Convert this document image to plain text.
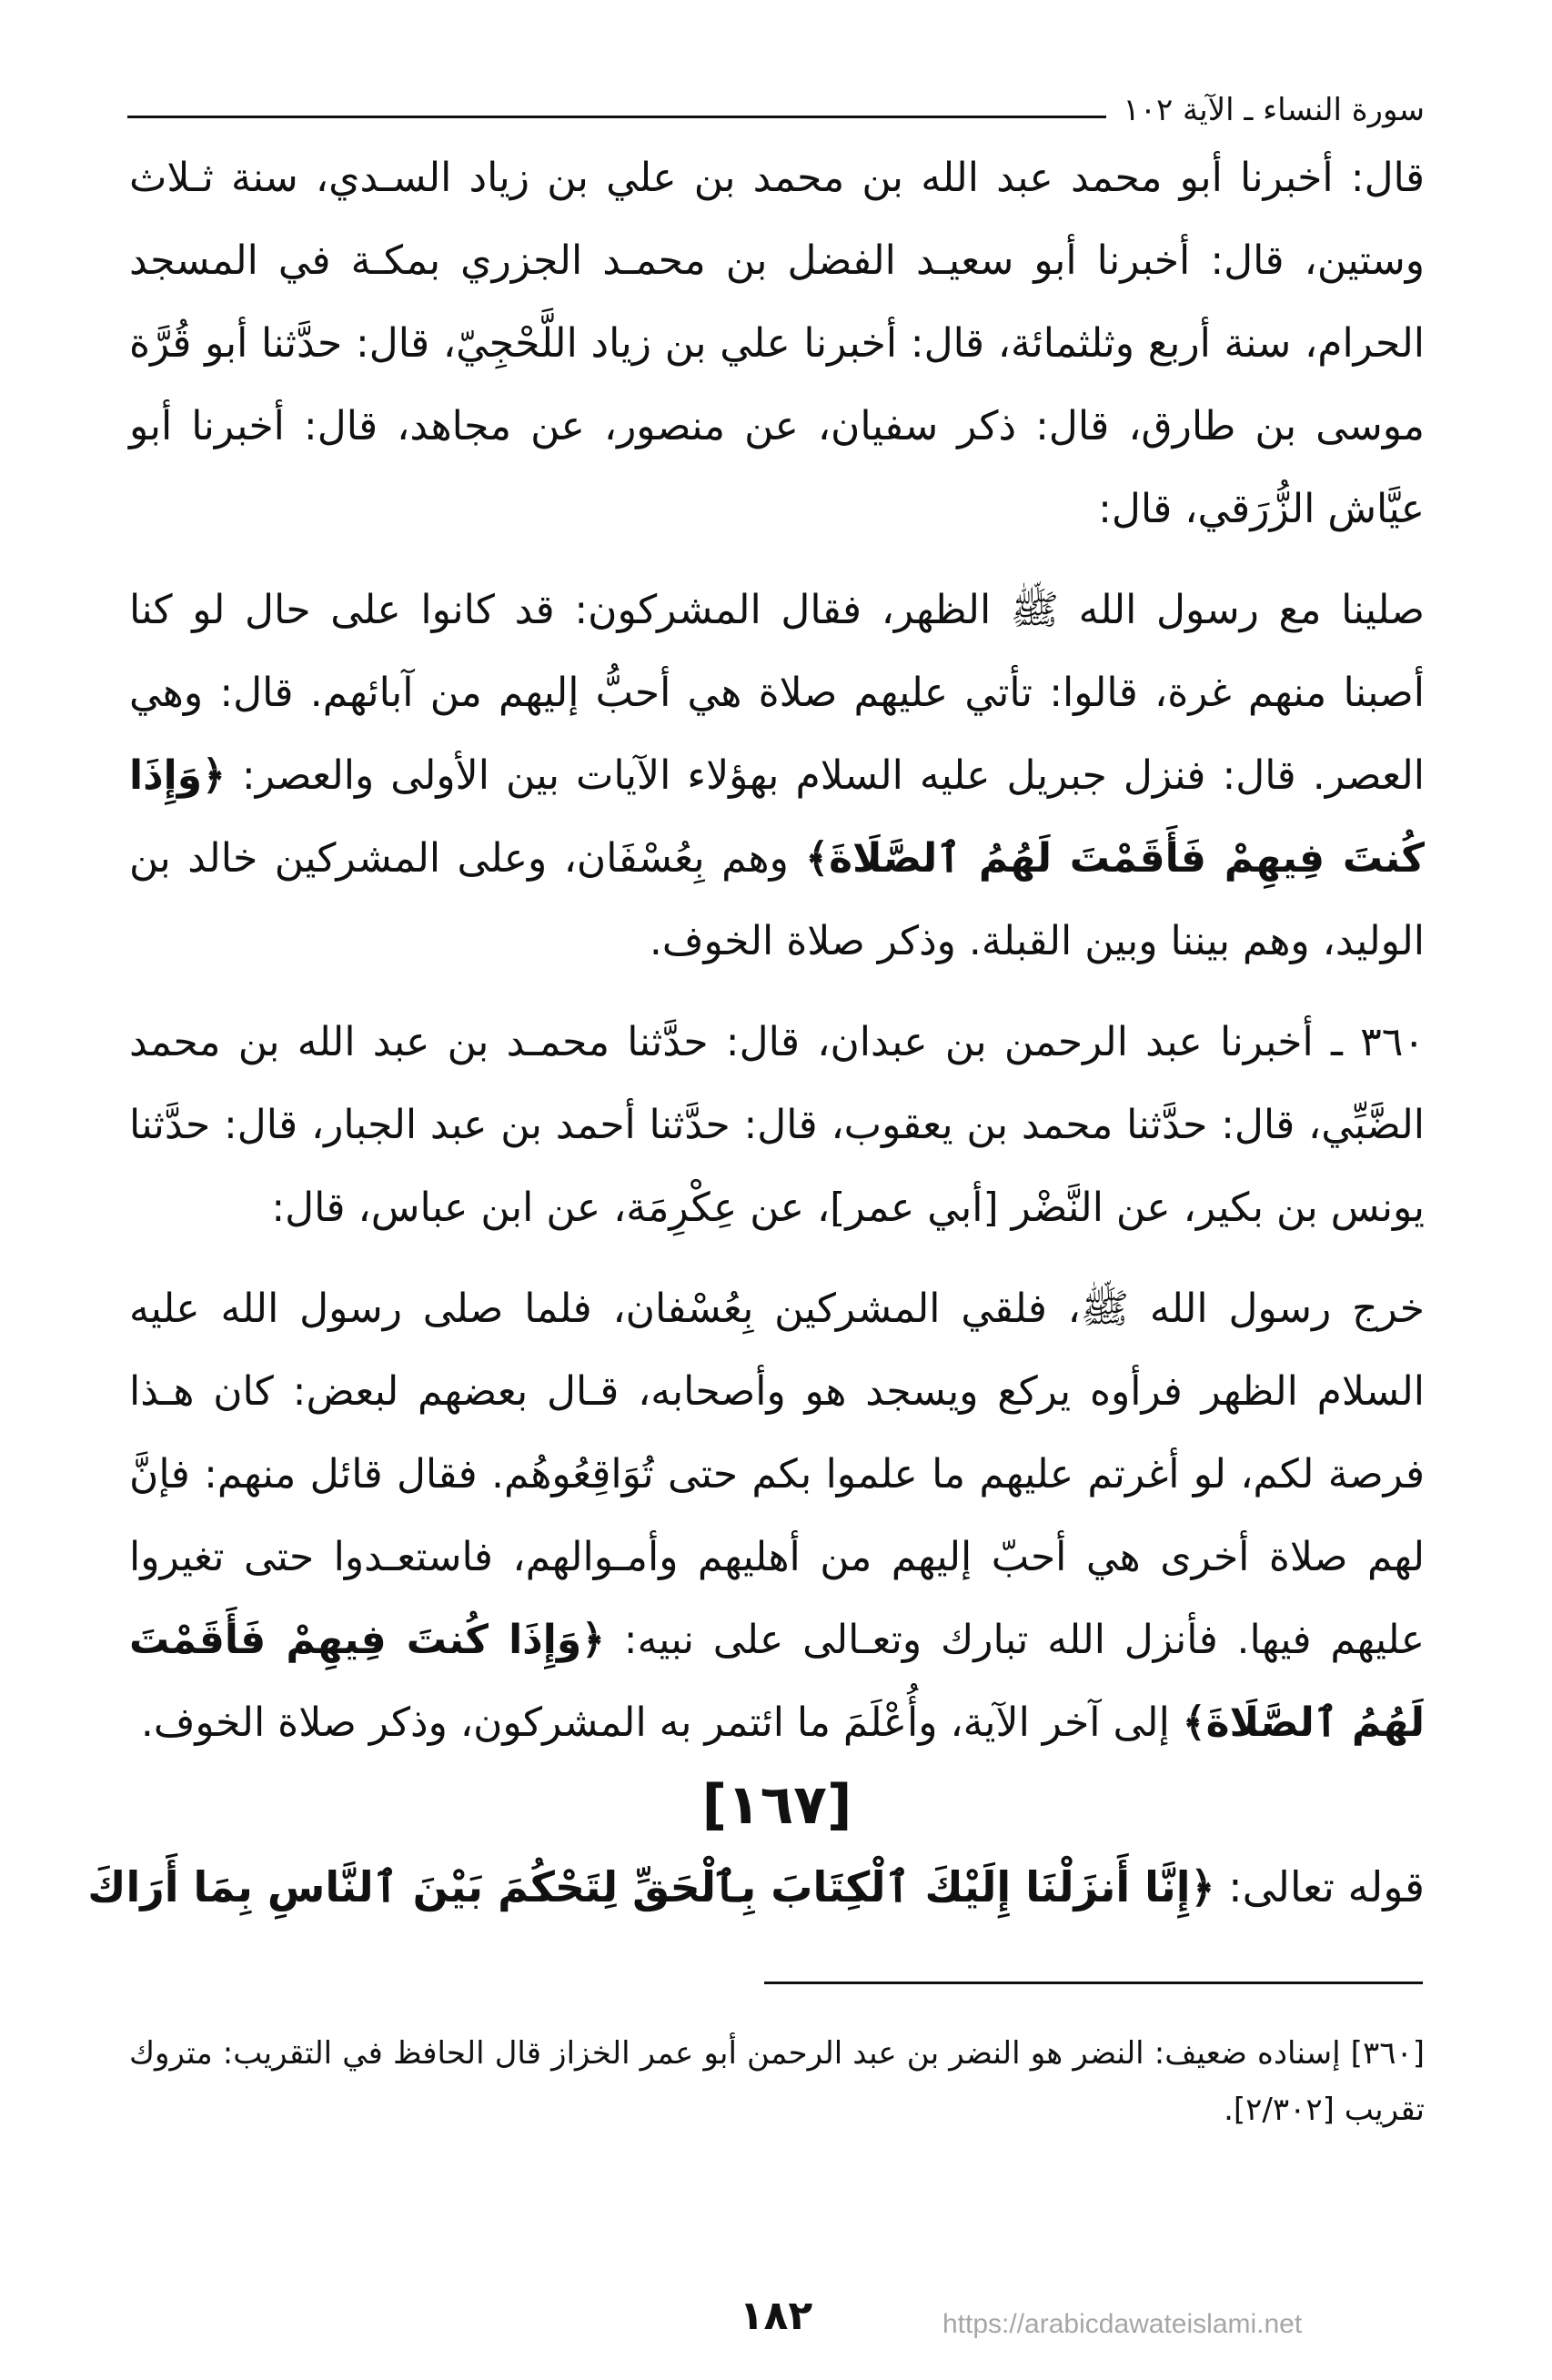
سورة النساء ـ الآية ١٠٢

قال: أخبرنا أبو محمد عبد الله بن محمد بن علي بن زياد السـدي، سنة ثـلاث وستين، قال: أخبرنا أبو سعيـد الفضل بن محمـد الجزري بمكـة في المسجد الحرام، سنة أربع وثلثمائة، قال: أخبرنا علي بن زياد اللَّحْجِيّ، قال: حدَّثنا أبو قُرَّة موسى بن طارق، قال: ذكر سفيان، عن منصور، عن مجاهد، قال: أخبرنا أبو عيَّاش الزُّرَقي، قال:

صلينا مع رسول الله ﷺ الظهر، فقال المشركون: قد كانوا على حال لو كنا أصبنا منهم غرة، قالوا: تأتي عليهم صلاة هي أحبُّ إليهم من آبائهم. قال: وهي العصر. قال: فنزل جبريل عليه السلام بهؤلاء الآيات بين الأولى والعصر: ﴿وَإِذَا كُنتَ فِيهِمْ فَأَقَمْتَ لَهُمُ ٱلصَّلَاةَ﴾ وهم بِعُسْفَان، وعلى المشركين خالد بن الوليد، وهم بيننا وبين القبلة. وذكر صلاة الخوف.

٣٦٠ ـ أخبرنا عبد الرحمن بن عبدان، قال: حدَّثنا محمـد بن عبد الله بن محمد الضَّبِّي، قال: حدَّثنا محمد بن يعقوب، قال: حدَّثنا أحمد بن عبد الجبار، قال: حدَّثنا يونس بن بكير، عن النَّضْر [أبي عمر]، عن عِكْرِمَة، عن ابن عباس، قال:

خرج رسول الله ﷺ، فلقي المشركين بِعُسْفان، فلما صلى رسول الله عليه السلام الظهر فرأوه يركع ويسجد هو وأصحابه، قـال بعضهم لبعض: كان هـذا فرصة لكم، لو أغرتم عليهم ما علموا بكم حتى تُوَاقِعُوهُم. فقال قائل منهم: فإنَّ لهم صلاة أخرى هي أحبّ إليهم من أهليهم وأمـوالهم، فاستعـدوا حتى تغيروا عليهم فيها. فأنزل الله تبارك وتعـالى على نبيه: ﴿وَإِذَا كُنتَ فِيهِمْ فَأَقَمْتَ لَهُمُ ٱلصَّلَاةَ﴾ إلى آخر الآية، وأُعْلَمَ ما ائتمر به المشركون، وذكر صلاة الخوف.

[١٦٧]

قوله تعالى: ﴿إِنَّا أَنزَلْنَا إِلَيْكَ ٱلْكِتَابَ بِٱلْحَقِّ لِتَحْكُمَ بَيْنَ ٱلنَّاسِ بِمَا أَرَاكَ

[٣٦٠] إسناده ضعيف: النضر هو النضر بن عبد الرحمن أبو عمر الخزاز قال الحافظ في التقريب: متروك تقريب [٢/٣٠٢].

١٨٢	https://arabicdawateislami.net
